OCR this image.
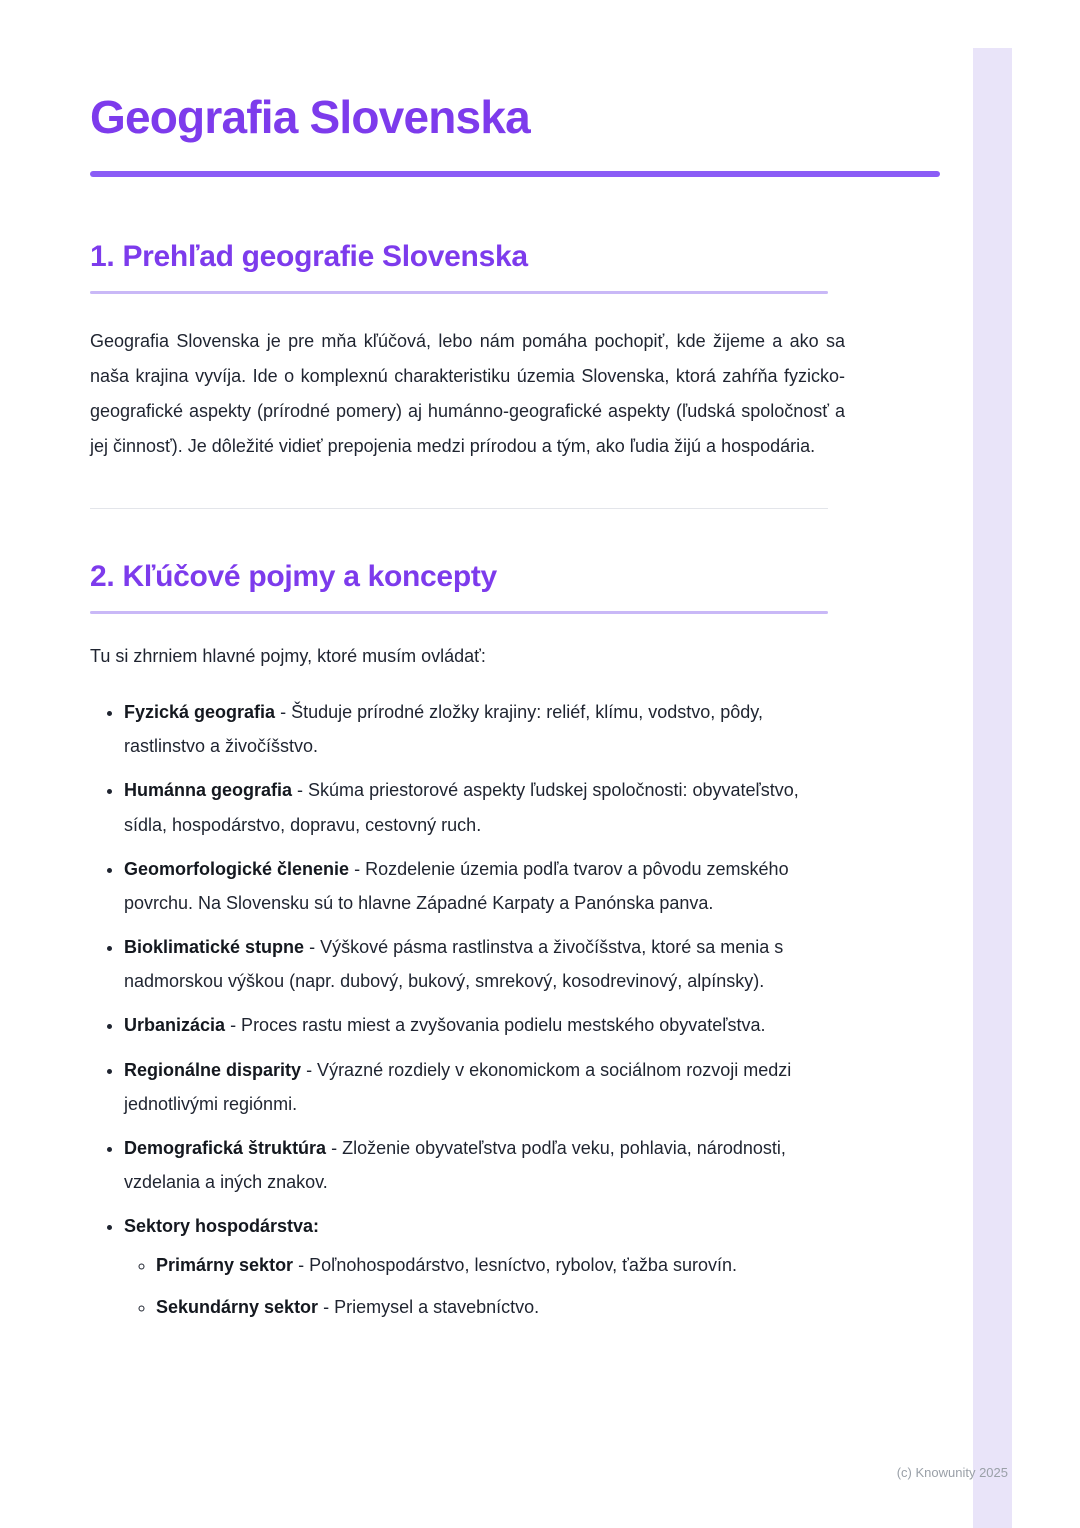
Geografia Slovenska
1. Prehľad geografie Slovenska

Geografia Slovenska je pre mňa kľúčová, lebo nám pomáha pochopiť, kde žijeme a ako sa naša krajina vyvíja. Ide o komplexnú charakteristiku územia Slovenska, ktorá zahŕňa fyzicko-geografické aspekty (prírodné pomery) aj humánno-geografické aspekty (ľudská spoločnosť a jej činnosť). Je dôležité vidieť prepojenia medzi prírodou a tým, ako ľudia žijú a hospodária.

2. Kľúčové pojmy a koncepty

Tu si zhrniem hlavné pojmy, ktoré musím ovládať:

• Fyzická geografia - Študuje prírodné zložky krajiny: reliéf, klímu, vodstvo, pôdy, rastlinstvo a živočíšstvo.
• Humánna geografia - Skúma priestorové aspekty ľudskej spoločnosti: obyvateľstvo, sídla, hospodárstvo, dopravu, cestovný ruch.
• Geomorfologické členenie - Rozdelenie územia podľa tvarov a pôvodu zemského povrchu. Na Slovensku sú to hlavne Západné Karpaty a Panónska panva.
• Bioklimatické stupne - Výškové pásma rastlinstva a živočíšstva, ktoré sa menia s nadmorskou výškou (napr. dubový, bukový, smrekový, kosodrevinový, alpínsky).
• Urbanizácia - Proces rastu miest a zvyšovania podielu mestského obyvateľstva.
• Regionálne disparity - Výrazné rozdiely v ekonomickom a sociálnom rozvoji medzi jednotlivými regiónmi.
• Demografická štruktúra - Zloženie obyvateľstva podľa veku, pohlavia, národnosti, vzdelania a iných znakov.
• Sektory hospodárstva:
◦ Primárny sektor - Poľnohospodárstvo, lesníctvo, rybolov, ťažba surovín.
◦ Sekundárny sektor - Priemysel a stavebníctvo.
(c) Knowunity 2025
